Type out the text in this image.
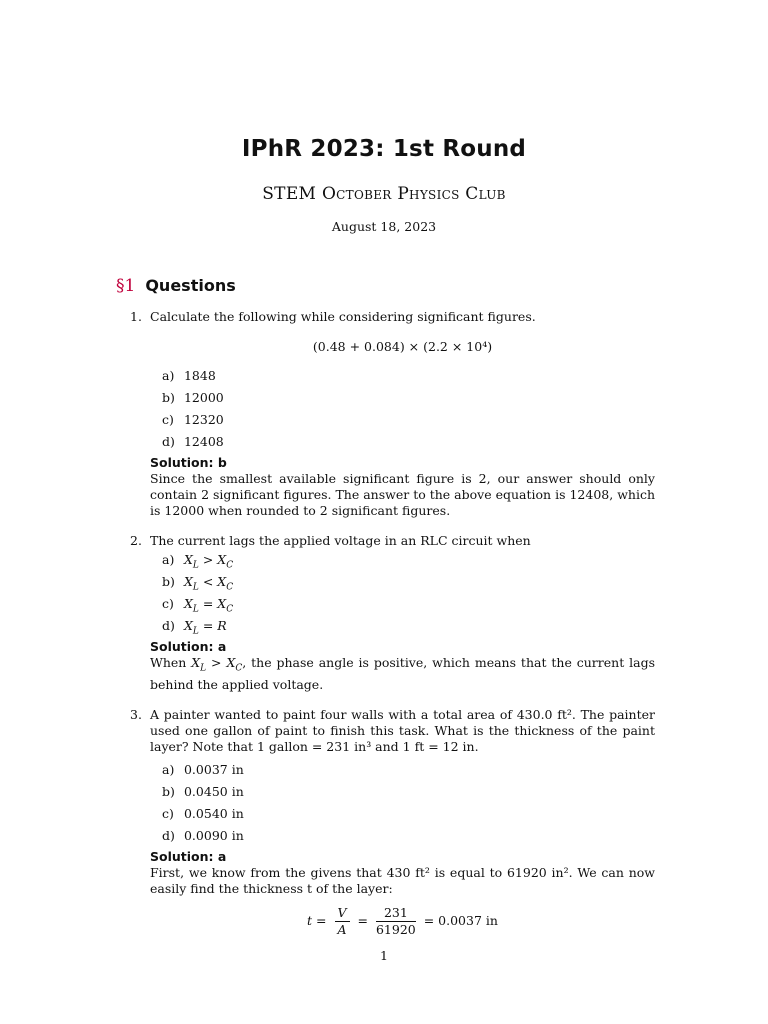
IPhR 2023: 1st Round
STEM October Physics Club
August 18, 2023
§1 Questions
1. Calculate the following while considering significant figures.
(0.48 + 0.084) × (2.2 × 10⁴)
a) 1848
b) 12000
c) 12320
d) 12408
Solution: b

Since the smallest available significant figure is 2, our answer should only contain 2 significant figures. The answer to the above equation is 12408, which is 12000 when rounded to 2 significant figures.

2. The current lags the applied voltage in an RLC circuit when
a) $X_L > X_C$
b) $X_L < X_C$
c) $X_L = X_C$
d) $X_L = R$
Solution: a

When $X_L > X_C$, the phase angle is positive, which means that the current lags behind the applied voltage.

3. A painter wanted to paint four walls with a total area of 430.0 ft². The painter used one gallon of paint to finish this task. What is the thickness of the paint layer? Note that 1 gallon = 231 in³ and 1 ft = 12 in.
a) 0.0037 in
b) 0.0450 in
c) 0.0540 in
d) 0.0090 in
Solution: a

First, we know from the givens that 430 ft² is equal to 61920 in². We can now easily find the thickness t of the layer:

$t = \frac{V}{A} = \frac{231}{61920} = 0.0037$ in
1
